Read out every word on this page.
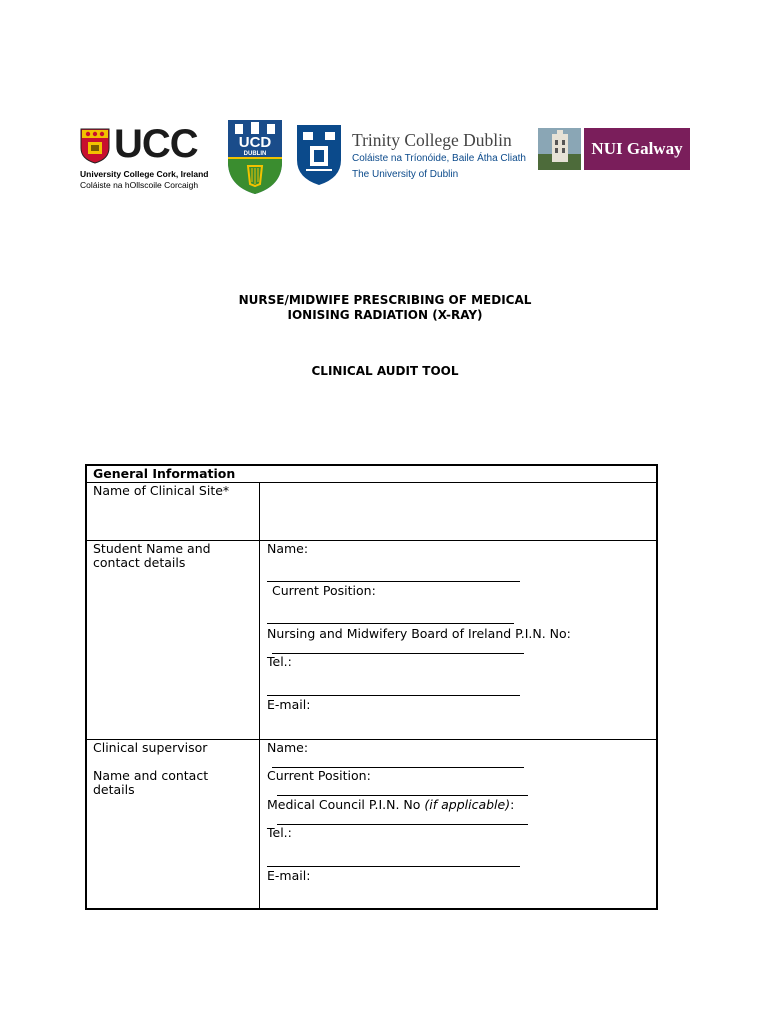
UCC
University College Cork, Ireland
Coláiste na hOllscoile Corcaigh
UCD
DUBLIN
Trinity College Dublin
Coláiste na Tríonóide, Baile Átha Cliath
The University of Dublin
NUI Galway
NURSE/MIDWIFE PRESCRIBING OF MEDICAL
IONISING RADIATION (X-RAY)
CLINICAL AUDIT TOOL
General Information
Name of Clinical Site*
Student Name and
contact details
Name:
Current Position:
Nursing and Midwifery Board of Ireland P.I.N. No:
Tel.:
E-mail:
Clinical supervisor
Name and contact
details
Name:
Current Position:
Medical Council P.I.N. No (if applicable):
Tel.:
E-mail:
